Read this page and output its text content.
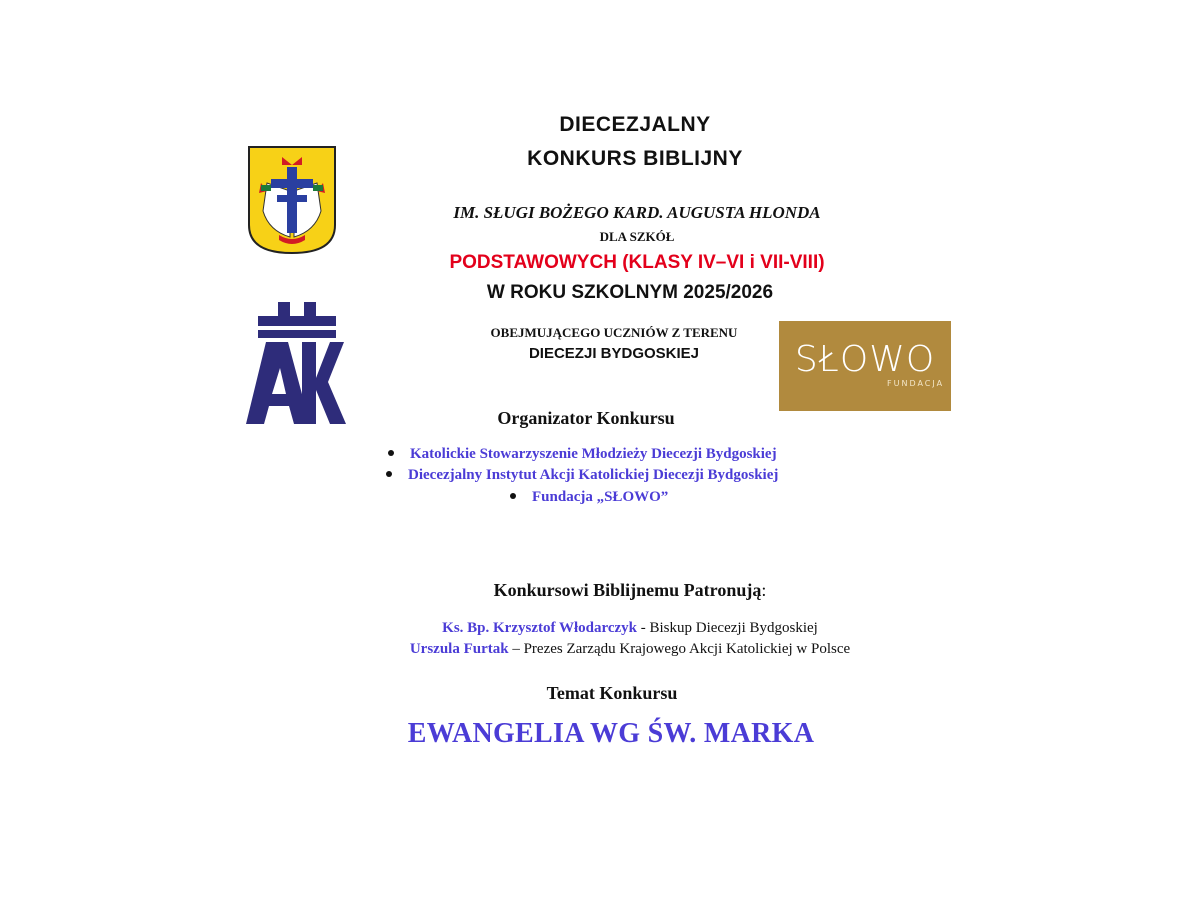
SŁOWO
FUNDACJA
DIECEZJALNY
KONKURS BIBLIJNY
IM. SŁUGI BOŻEGO KARD. AUGUSTA HLONDA
DLA SZKÓŁ
PODSTAWOWYCH (KLASY IV–VI i VII-VIII)
W ROKU SZKOLNYM 2025/2026
OBEJMUJĄCEGO UCZNIÓW Z TERENU
DIECEZJI BYDGOSKIEJ
Organizator Konkursu
Katolickie Stowarzyszenie Młodzieży Diecezji Bydgoskiej
Diecezjalny Instytut Akcji Katolickiej Diecezji Bydgoskiej
Fundacja „SŁOWO”
Konkursowi Biblijnemu Patronują:
Ks. Bp. Krzysztof Włodarczyk - Biskup Diecezji Bydgoskiej
Urszula Furtak – Prezes Zarządu Krajowego Akcji Katolickiej w Polsce
Temat Konkursu
EWANGELIA WG ŚW. MARKA
